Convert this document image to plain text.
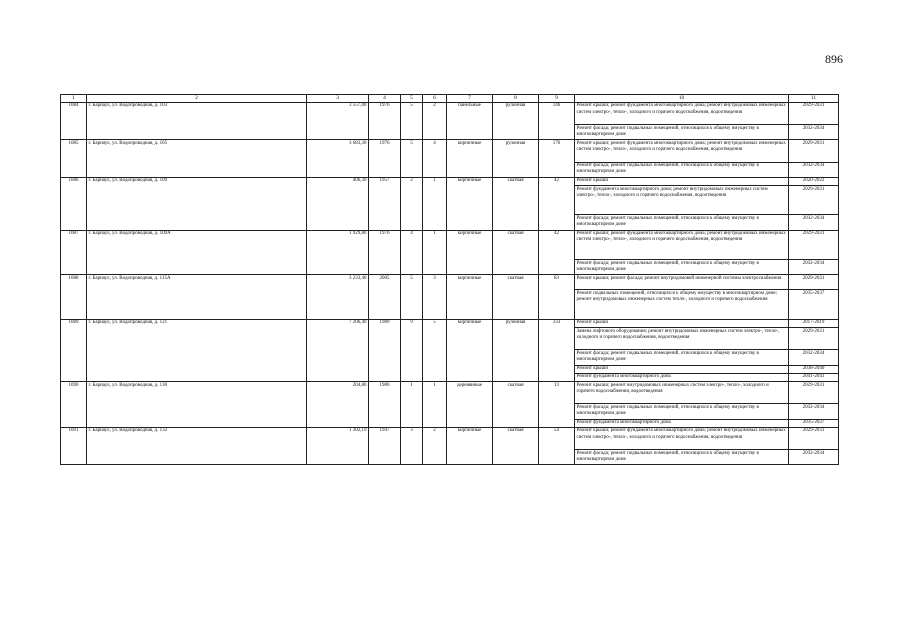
896
1	2	3	4	5	6	7	8	9	10	11
1084	г. Барнаул, ул. Водопроводная, д. 103	3 557,00	1976	5	2	панельные	рулонная	146	Ремонт крыши; ремонт фундамента многоквартирного дома; ремонт внутридомовых инженерных систем электро-, тепло-, холодного и горячего водоснабжения, водоотведения	2029-2031
									Ремонт фасада; ремонт подвальных помещений, относящихся к общему имуществу в многоквартирном доме	2032-2034
1085	г. Барнаул, ул. Водопроводная, д. 105	3 683,30	1976	5	4	кирпичные	рулонная	176	Ремонт крыши; ремонт фундамента многоквартирного дома; ремонт внутридомовых инженерных систем электро-, тепло-, холодного и горячего водоснабжения, водоотведения	2029-2031
									Ремонт фасада; ремонт подвальных помещений, относящихся к общему имуществу в многоквартирном доме	2032-2034
1086	г. Барнаул, ул. Водопроводная, д. 109	406,30	1957	2	1	кирпичные	скатная	42	Ремонт крыши	2020-2022
									Ремонт фундамента многоквартирного дома; ремонт внутридомовых инженерных систем электро-, тепло-, холодного и горячего водоснабжения, водоотведения	2029-2031
									Ремонт фасада; ремонт подвальных помещений, относящихся к общему имуществу в многоквартирном доме	2032-2034
1087	г. Барнаул, ул. Водопроводная, д. 109А	1 929,80	1976	4	1	кирпичные	скатная	42	Ремонт крыши; ремонт фундамента многоквартирного дома; ремонт внутридомовых инженерных систем электро-, тепло-, холодного и горячего водоснабжения, водоотведения	2029-2031
									Ремонт фасада; ремонт подвальных помещений, относящихся к общему имуществу в многоквартирном доме	2032-2034
1088	г. Барнаул, ул. Водопроводная, д. 115А	3 233,40	2005	5	3	кирпичные	скатная	83	Ремонт крыши; ремонт фасада; ремонт внутридомовой инженерной системы электроснабжения	2029-2031
									Ремонт подвальных помещений, относящихся к общему имуществу в многоквартирном доме; ремонт внутридомовых инженерных систем тепло-, холодного и горячего водоснабжения	2035-2037
1089	г. Барнаул, ул. Водопроводная, д. 121	7 206,40	1989	9	5	кирпичные	рулонная	333	Ремонт крыши	2017-2019
									Замена лифтового оборудования; ремонт внутридомовых инженерных систем электро-, тепло-, холодного и горячего водоснабжения, водоотведения	2029-2031
									Ремонт фасада; ремонт подвальных помещений, относящихся к общему имуществу в многоквартирном доме	2032-2034
									Ремонт крыши	2038-2040
									Ремонт фундамента многоквартирного дома	2041-2043
1090	г. Барнаул, ул. Водопроводная, д. 130	204,80	1986	1	1	деревянные	скатная	13	Ремонт крыши; ремонт внутридомовых инженерных систем электро-, тепло-, холодного и горячего водоснабжения, водоотведения	2029-2031
									Ремонт фасада; ремонт подвальных помещений, относящихся к общему имуществу в многоквартирном доме	2032-2034
									Ремонт фундамента многоквартирного дома	2035-2037
1091	г. Барнаул, ул. Водопроводная, д. 132	1 302,19	1947	3	2	кирпичные	скатная	54	Ремонт крыши; ремонт фундамента многоквартирного дома; ремонт внутридомовых инженерных систем электро-, тепло-, холодного и горячего водоснабжения, водоотведения	2029-2031
									Ремонт фасада; ремонт подвальных помещений, относящихся к общему имуществу в многоквартирном доме	2032-2034
